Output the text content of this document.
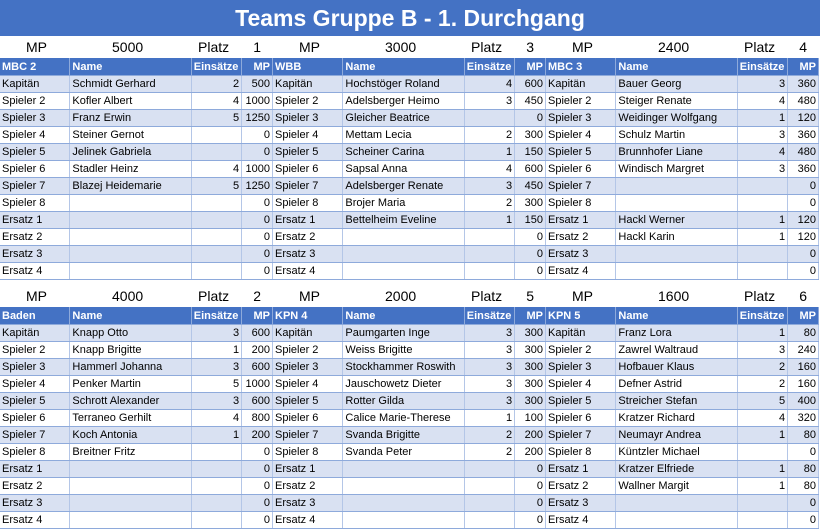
Teams Gruppe B - 1. Durchgang
MP	5000	Platz 1
MBC 2	Name	Einsätze	MP
Kapitän	Schmidt Gerhard	2	500
Spieler 2	Kofler Albert	4	1000
Spieler 3	Franz Erwin	5	1250
Spieler 4	Steiner Gernot		0
Spieler 5	Jelinek Gabriela		0
Spieler 6	Stadler Heinz	4	1000
Spieler 7	Blazej Heidemarie	5	1250
Spieler 8			0
Ersatz 1			0
Ersatz 2			0
Ersatz 3			0
Ersatz 4			0
MP	3000	Platz 3
WBB	Name	Einsätze	MP
Kapitän	Hochstöger Roland	4	600
Spieler 2	Adelsberger Heimo	3	450
Spieler 3	Gleicher Beatrice		0
Spieler 4	Mettam Lecia	2	300
Spieler 5	Scheiner Carina	1	150
Spieler 6	Sapsal Anna	4	600
Spieler 7	Adelsberger Renate	3	450
Spieler 8	Brojer Maria	2	300
Ersatz 1	Bettelheim Eveline	1	150
Ersatz 2			0
Ersatz 3			0
Ersatz 4			0
MP	2400	Platz 4
MBC 3	Name	Einsätze	MP
Kapitän	Bauer Georg	3	360
Spieler 2	Steiger Renate	4	480
Spieler 3	Weidinger Wolfgang	1	120
Spieler 4	Schulz Martin	3	360
Spieler 5	Brunnhofer Liane	4	480
Spieler 6	Windisch Margret	3	360
Spieler 7			0
Spieler 8			0
Ersatz 1	Hackl Werner	1	120
Ersatz 2	Hackl Karin	1	120
Ersatz 3			0
Ersatz 4			0
MP	4000	Platz 2
Baden	Name	Einsätze	MP
Kapitän	Knapp Otto	3	600
Spieler 2	Knapp Brigitte	1	200
Spieler 3	Hammerl Johanna	3	600
Spieler 4	Penker Martin	5	1000
Spieler 5	Schrott Alexander	3	600
Spieler 6	Terraneo Gerhilt	4	800
Spieler 7	Koch Antonia	1	200
Spieler 8	Breitner Fritz		0
Ersatz 1			0
Ersatz 2			0
Ersatz 3			0
Ersatz 4			0
MP	2000	Platz 5
KPN 4	Name	Einsätze	MP
Kapitän	Paumgarten Inge	3	300
Spieler 2	Weiss Brigitte	3	300
Spieler 3	Stockhammer Roswith	3	300
Spieler 4	Jauschowetz Dieter	3	300
Spieler 5	Rotter Gilda	3	300
Spieler 6	Calice Marie-Therese	1	100
Spieler 7	Svanda Brigitte	2	200
Spieler 8	Svanda Peter	2	200
Ersatz 1			0
Ersatz 2			0
Ersatz 3			0
Ersatz 4			0
MP	1600	Platz 6
KPN 5	Name	Einsätze	MP
Kapitän	Franz Lora	1	80
Spieler 2	Zawrel Waltraud	3	240
Spieler 3	Hofbauer Klaus	2	160
Spieler 4	Defner Astrid	2	160
Spieler 5	Streicher Stefan	5	400
Spieler 6	Kratzer Richard	4	320
Spieler 7	Neumayr Andrea	1	80
Spieler 8	Küntzler Michael		0
Ersatz 1	Kratzer Elfriede	1	80
Ersatz 2	Wallner Margit	1	80
Ersatz 3			0
Ersatz 4			0
